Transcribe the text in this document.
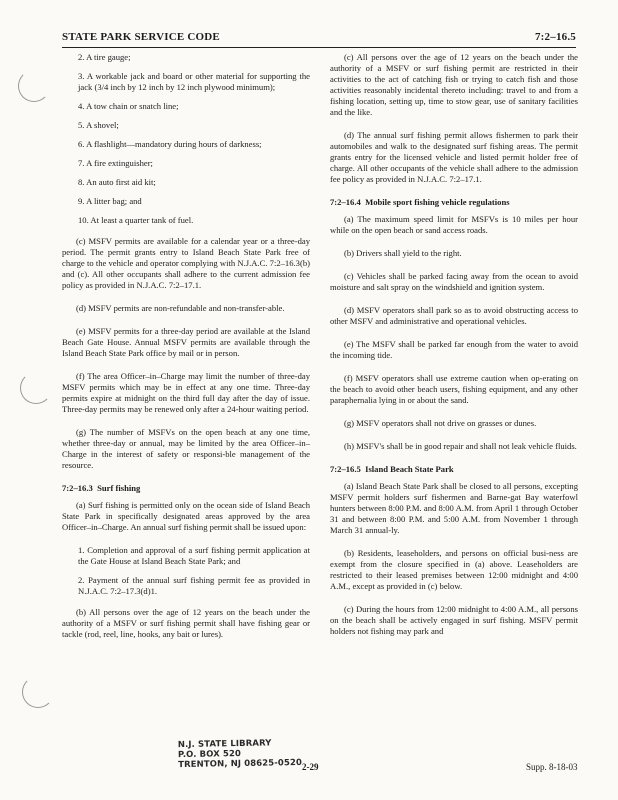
STATE PARK SERVICE CODE	7:2–16.5
2. A tire gauge;
3. A workable jack and board or other material for supporting the jack (3/4 inch by 12 inch by 12 inch plywood minimum);
4. A tow chain or snatch line;
5. A shovel;
6. A flashlight—mandatory during hours of darkness;
7. A fire extinguisher;
8. An auto first aid kit;
9. A litter bag; and
10. At least a quarter tank of fuel.

(c) MSFV permits are available for a calendar year or a three-day period. The permit grants entry to Island Beach State Park free of charge to the vehicle and operator complying with N.J.A.C. 7:2–16.3(b) and (c). All other occupants shall adhere to the current admission fee policy as provided in N.J.A.C. 7:2–17.1.

(d) MSFV permits are non-refundable and non-transfer-able.

(e) MSFV permits for a three-day period are available at the Island Beach Gate House. Annual MSFV permits are available through the Island Beach State Park office by mail or in person.

(f) The area Officer–in–Charge may limit the number of three-day MSFV permits which may be in effect at any one time. Three-day permits expire at midnight on the third full day after the day of issue. Three-day permits may be renewed only after a 24-hour waiting period.

(g) The number of MSFVs on the open beach at any one time, whether three-day or annual, may be limited by the area Officer–in–Charge in the interest of safety or responsi-ble management of the resource.

7:2–16.3 Surf fishing

(a) Surf fishing is permitted only on the ocean side of Island Beach State Park in specifically designated areas approved by the area Officer–in–Charge. An annual surf fishing permit shall be issued upon:

1. Completion and approval of a surf fishing permit application at the Gate House at Island Beach State Park; and
2. Payment of the annual surf fishing permit fee as provided in N.J.A.C. 7:2–17.3(d)1.

(b) All persons over the age of 12 years on the beach under the authority of a MSFV or surf fishing permit shall have fishing gear or tackle (rod, reel, line, hooks, any bait or lures).

(c) All persons over the age of 12 years on the beach under the authority of a MSFV or surf fishing permit are restricted in their activities to the act of catching fish or trying to catch fish and those activities reasonably incidental thereto including: travel to and from a fishing location, setting up, time to stow gear, use of sanitary facilities and the like.

(d) The annual surf fishing permit allows fishermen to park their automobiles and walk to the designated surf fishing areas. The permit grants entry for the licensed vehicle and listed permit holder free of charge. All other occupants of the vehicle shall adhere to the admission fee policy as provided in N.J.A.C. 7:2–17.1.

7:2–16.4 Mobile sport fishing vehicle regulations

(a) The maximum speed limit for MSFVs is 10 miles per hour while on the open beach or sand access roads.

(b) Drivers shall yield to the right.

(c) Vehicles shall be parked facing away from the ocean to avoid moisture and salt spray on the windshield and ignition system.

(d) MSFV operators shall park so as to avoid obstructing access to other MSFV and administrative and operational vehicles.

(e) The MSFV shall be parked far enough from the water to avoid the incoming tide.

(f) MSFV operators shall use extreme caution when op-erating on the beach to avoid other beach users, fishing equipment, and any other paraphernalia lying in or about the sand.

(g) MSFV operators shall not drive on grasses or dunes.

(h) MSFV's shall be in good repair and shall not leak vehicle fluids.

7:2–16.5 Island Beach State Park

(a) Island Beach State Park shall be closed to all persons, excepting MSFV permit holders surf fishermen and Barne-gat Bay waterfowl hunters between 8:00 P.M. and 8:00 A.M. from April 1 through October 31 and between 8:00 P.M. and 5:00 A.M. from November 1 through March 31 annual-ly.

(b) Residents, leaseholders, and persons on official busi-ness are exempt from the closure specified in (a) above. Leaseholders are restricted to their leased premises between 12:00 midnight and 4:00 A.M., except as provided in (c) below.

(c) During the hours from 12:00 midnight to 4:00 A.M., all persons on the beach shall be actively engaged in surf fishing. MSFV permit holders not fishing may park and

N.J. STATE LIBRARY
P.O. BOX 520
TRENTON, NJ 08625-0520 2-29	Supp. 8-18-03
